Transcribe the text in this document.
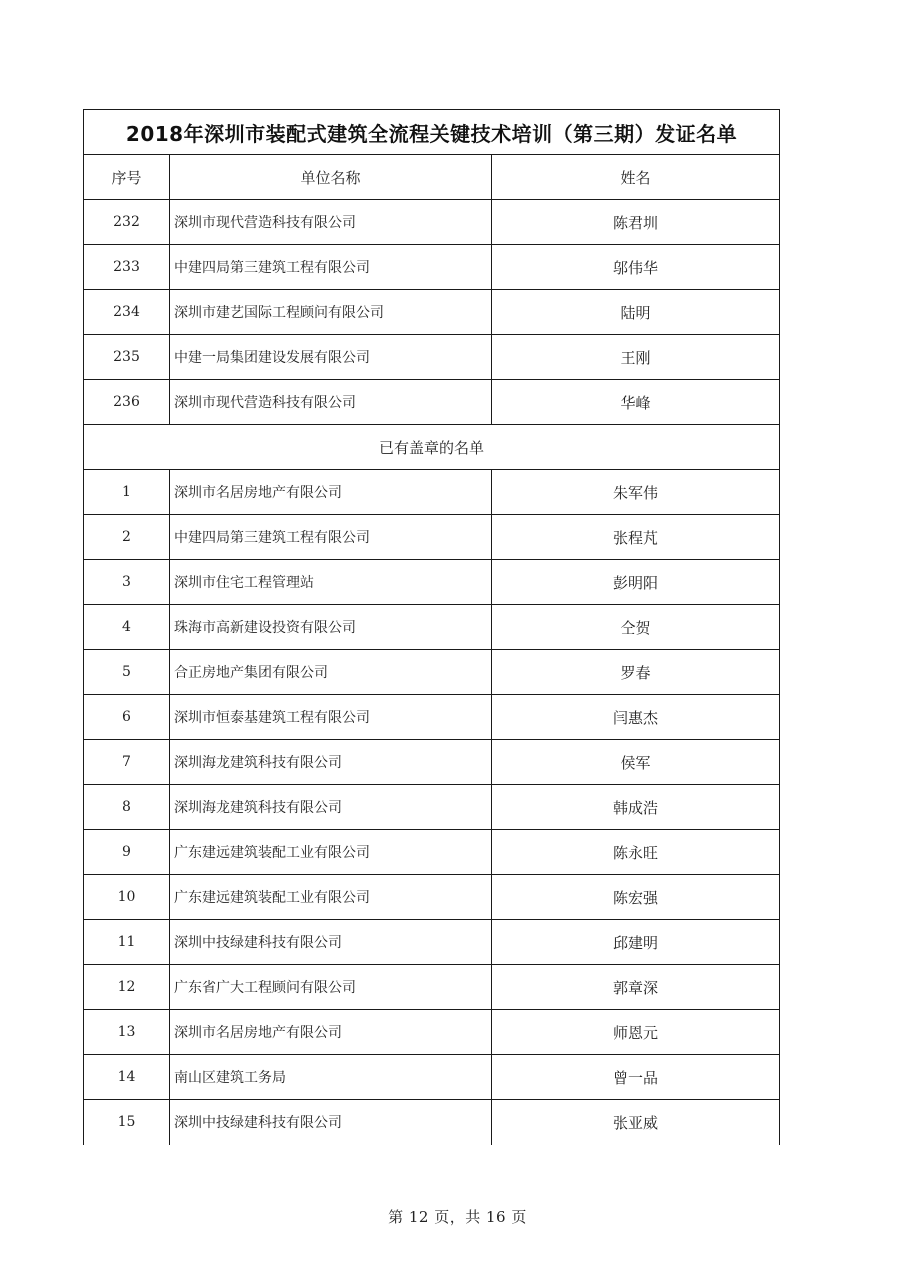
2018年深圳市装配式建筑全流程关键技术培训（第三期）发证名单		
序号	单位名称	姓名
232	深圳市现代营造科技有限公司	陈君圳
233	中建四局第三建筑工程有限公司	邬伟华
234	深圳市建艺国际工程顾问有限公司	陆明
235	中建一局集团建设发展有限公司	王刚
236	深圳市现代营造科技有限公司	华峰
已有盖章的名单		
1	深圳市名居房地产有限公司	朱军伟
2	中建四局第三建筑工程有限公司	张程芃
3	深圳市住宅工程管理站	彭明阳
4	珠海市高新建设投资有限公司	仝贺
5	合正房地产集团有限公司	罗春
6	深圳市恒泰基建筑工程有限公司	闫惠杰
7	深圳海龙建筑科技有限公司	侯军
8	深圳海龙建筑科技有限公司	韩成浩
9	广东建远建筑装配工业有限公司	陈永旺
10	广东建远建筑装配工业有限公司	陈宏强
11	深圳中技绿建科技有限公司	邱建明
12	广东省广大工程顾问有限公司	郭章深
13	深圳市名居房地产有限公司	师恩元
14	南山区建筑工务局	曾一品
15	深圳中技绿建科技有限公司	张亚威
第 12 页，共 16 页
